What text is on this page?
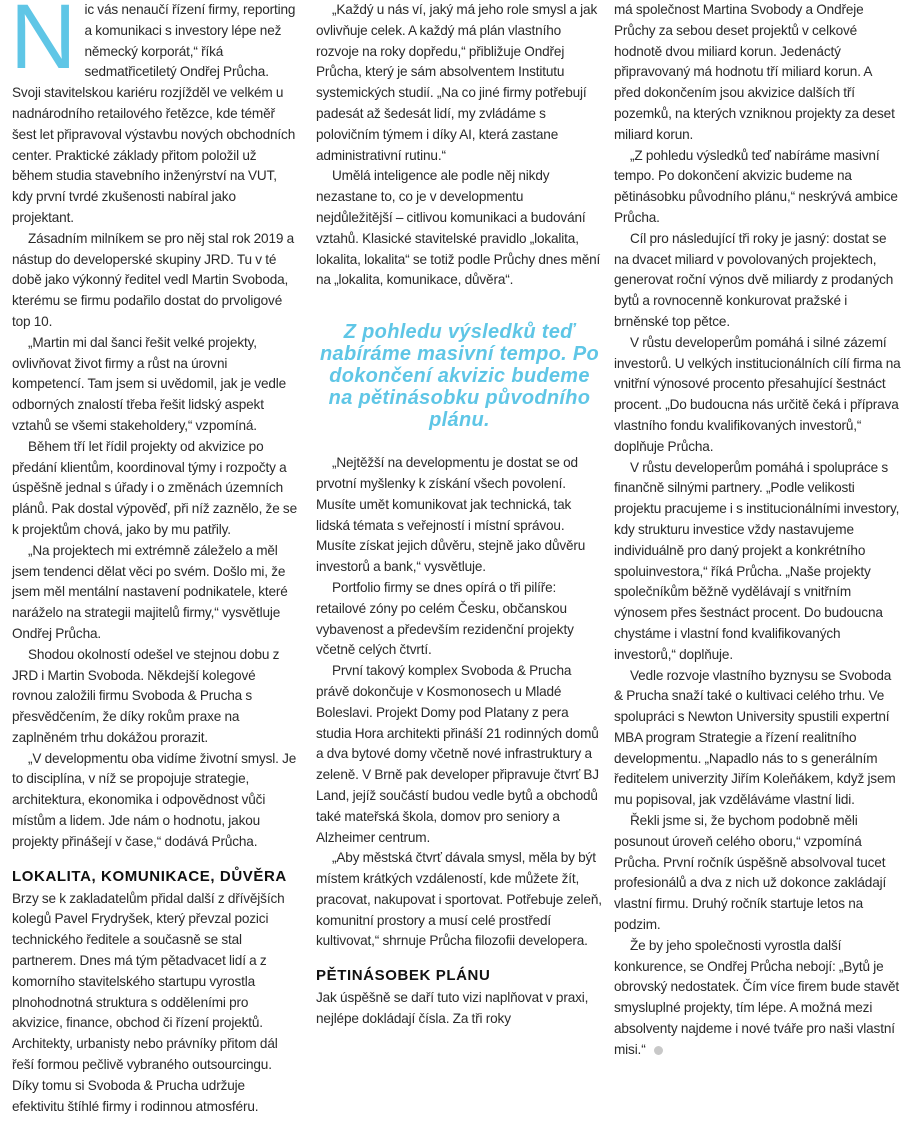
N ic vás nenaučí řízení firmy, reporting a komunikaci s investory lépe než německý korporát,“ říká sedmatřicetiletý Ondřej Průcha. Svoji stavitelskou kariéru rozjížděl ve velkém u nadnárodního retailového řetězce, kde téměř šest let připravoval výstavbu nových obchodních center. Praktické základy přitom položil už během studia stavebního inženýrství na VUT, kdy první tvrdé zkušenosti nabíral jako projektant.

Zásadním milníkem se pro něj stal rok 2019 a nástup do developerské skupiny JRD. Tu v té době jako výkonný ředitel vedl Martin Svoboda, kterému se firmu podařilo dostat do prvoligové top 10.

„Martin mi dal šanci řešit velké projekty, ovlivňovat život firmy a růst na úrovni kompetencí. Tam jsem si uvědomil, jak je vedle odborných znalostí třeba řešit lidský aspekt vztahů se všemi stakeholdery,“ vzpomíná.

Během tří let řídil projekty od akvizice po předání klientům, koordinoval týmy i rozpočty a úspěšně jednal s úřady i o změnách územních plánů. Pak dostal výpověď, při níž zaznělo, že se k projektům chová, jako by mu patřily.

„Na projektech mi extrémně záleželo a měl jsem tendenci dělat věci po svém. Došlo mi, že jsem měl mentální nastavení podnikatele, které naráželo na strategii majitelů firmy,“ vysvětluje Ondřej Průcha.

Shodou okolností odešel ve stejnou dobu z JRD i Martin Svoboda. Někdejší kolegové rovnou založili firmu Svoboda & Prucha s přesvědčením, že díky rokům praxe na zaplněném trhu dokážou prorazit.

„V developmentu oba vidíme životní smysl. Je to disciplína, v níž se propojuje strategie, architektura, ekonomika i odpovědnost vůči místům a lidem. Jde nám o hodnotu, jakou projekty přinášejí v čase,“ dodává Průcha.

LOKALITA, KOMUNIKACE, DŮVĚRA

Brzy se k zakladatelům přidal další z dřívějších kolegů Pavel Frydryšek, který převzal pozici technického ředitele a současně se stal partnerem. Dnes má tým pětadvacet lidí a z komorního stavitelského startupu vyrostla plnohodnotná struktura s odděleními pro akvizice, finance, obchod či řízení projektů. Architekty, urbanisty nebo právníky přitom dál řeší formou pečlivě vybraného outsourcingu. Díky tomu si Svoboda & Prucha udržuje efektivitu štíhlé firmy i rodinnou atmosféru.

„Každý u nás ví, jaký má jeho role smysl a jak ovlivňuje celek. A každý má plán vlastního rozvoje na roky dopředu,“ přibližuje Ondřej Průcha, který je sám absolventem Institutu systemických studií. „Na co jiné firmy potřebují padesát až šedesát lidí, my zvládáme s polovičním týmem i díky AI, která zastane administrativní rutinu.“

Umělá inteligence ale podle něj nikdy nezastane to, co je v developmentu nejdůležitější – citlivou komunikaci a budování vztahů. Klasické stavitelské pravidlo „lokalita, lokalita, lokalita“ se totiž podle Průchy dnes mění na „lokalita, komunikace, důvěra“.

Z pohledu výsledků teď nabíráme masivní tempo. Po dokončení akvizic budeme na pětinásobku původního plánu.

„Nejtěžší na developmentu je dostat se od prvotní myšlenky k získání všech povolení. Musíte umět komunikovat jak technická, tak lidská témata s veřejností i místní správou. Musíte získat jejich důvěru, stejně jako důvěru investorů a bank,“ vysvětluje.

Portfolio firmy se dnes opírá o tři pilíře: retailové zóny po celém Česku, občanskou vybavenost a především rezidenční projekty včetně celých čtvrtí.

První takový komplex Svoboda & Prucha právě dokončuje v Kosmonosech u Mladé Boleslavi. Projekt Domy pod Platany z pera studia Hora architekti přináší 21 rodinných domů a dva bytové domy včetně nové infrastruktury a zeleně. V Brně pak developer připravuje čtvrť BJ Land, jejíž součástí budou vedle bytů a obchodů také mateřská škola, domov pro seniory a Alzheimer centrum.

„Aby městská čtvrť dávala smysl, měla by být místem krátkých vzdáleností, kde můžete žít, pracovat, nakupovat i sportovat. Potřebuje zeleň, komunitní prostory a musí celé prostředí kultivovat,“ shrnuje Průcha filozofii developera.

PĚTINÁSOBEK PLÁNU

Jak úspěšně se daří tuto vizi naplňovat v praxi, nejlépe dokládají čísla. Za tři roky

má společnost Martina Svobody a Ondřeje Průchy za sebou deset projektů v celkové hodnotě dvou miliard korun. Jedenáctý připravovaný má hodnotu tří miliard korun. A před dokončením jsou akvizice dalších tří pozemků, na kterých vzniknou projekty za deset miliard korun.

„Z pohledu výsledků teď nabíráme masivní tempo. Po dokončení akvizic budeme na pětinásobku původního plánu,“ neskrývá ambice Průcha.

Cíl pro následující tři roky je jasný: dostat se na dvacet miliard v povolovaných projektech, generovat roční výnos dvě miliardy z prodaných bytů a rovnocenně konkurovat pražské i brněnské top pětce.

V růstu developerům pomáhá i silné zázemí investorů. U velkých institucionálních cílí firma na vnitřní výnosové procento přesahující šestnáct procent. „Do budoucna nás určitě čeká i příprava vlastního fondu kvalifikovaných investorů,“ doplňuje Průcha.

V růstu developerům pomáhá i spolupráce s finančně silnými partnery. „Podle velikosti projektu pracujeme i s institucionálními investory, kdy strukturu investice vždy nastavujeme individuálně pro daný projekt a konkrétního spoluinvestora,“ říká Průcha. „Naše projekty společníkům běžně vydělávají s vnitřním výnosem přes šestnáct procent. Do budoucna chystáme i vlastní fond kvalifikovaných investorů,“ doplňuje.

Vedle rozvoje vlastního byznysu se Svoboda & Prucha snaží také o kultivaci celého trhu. Ve spolupráci s Newton University spustili expertní MBA program Strategie a řízení realitního developmentu. „Napadlo nás to s generálním ředitelem univerzity Jiřím Koleňákem, když jsem mu popisoval, jak vzděláváme vlastní lidi.

Řekli jsme si, že bychom podobně měli posunout úroveň celého oboru,“ vzpomíná Průcha. První ročník úspěšně absolvoval tucet profesionálů a dva z nich už dokonce zakládají vlastní firmu. Druhý ročník startuje letos na podzim.

Že by jeho společnosti vyrostla další konkurence, se Ondřej Průcha nebojí: „Bytů je obrovský nedostatek. Čím více firem bude stavět smysluplné projekty, tím lépe. A možná mezi absolventy najdeme i nové tváře pro naši vlastní misi.“
